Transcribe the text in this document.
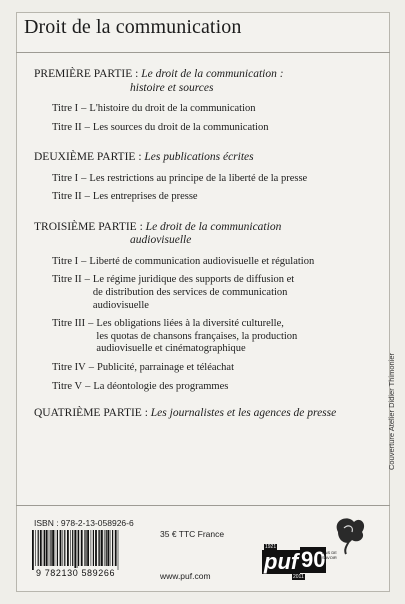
Droit de la communication
PREMIÈRE PARTIE : Le droit de la communication :
histoire et sources
Titre I – L'histoire du droit de la communication
Titre II – Les sources du droit de la communication
DEUXIÈME PARTIE : Les publications écrites
Titre I – Les restrictions au principe de la liberté de la presse
Titre II – Les entreprises de presse
TROISIÈME PARTIE : Le droit de la communication
audiovisuelle
Titre I – Liberté de communication audiovisuelle et régulation
Titre II – Le régime juridique des supports de diffusion et
de distribution des services de communication
audiovisuelle
Titre III – Les obligations liées à la diversité culturelle,
les quotas de chansons françaises, la production
audiovisuelle et cinématographique
Titre IV – Publicité, parrainage et téléachat
Titre V – La déontologie des programmes
QUATRIÈME PARTIE : Les journalistes et les agences de presse	Couverture Atelier Didier Thimonier
ISBN : 978-2-13-058926-6
9 782130 589266
35 € TTC France
www.puf.com
1921
puf 90
ANS DE SAVOIR
2011
